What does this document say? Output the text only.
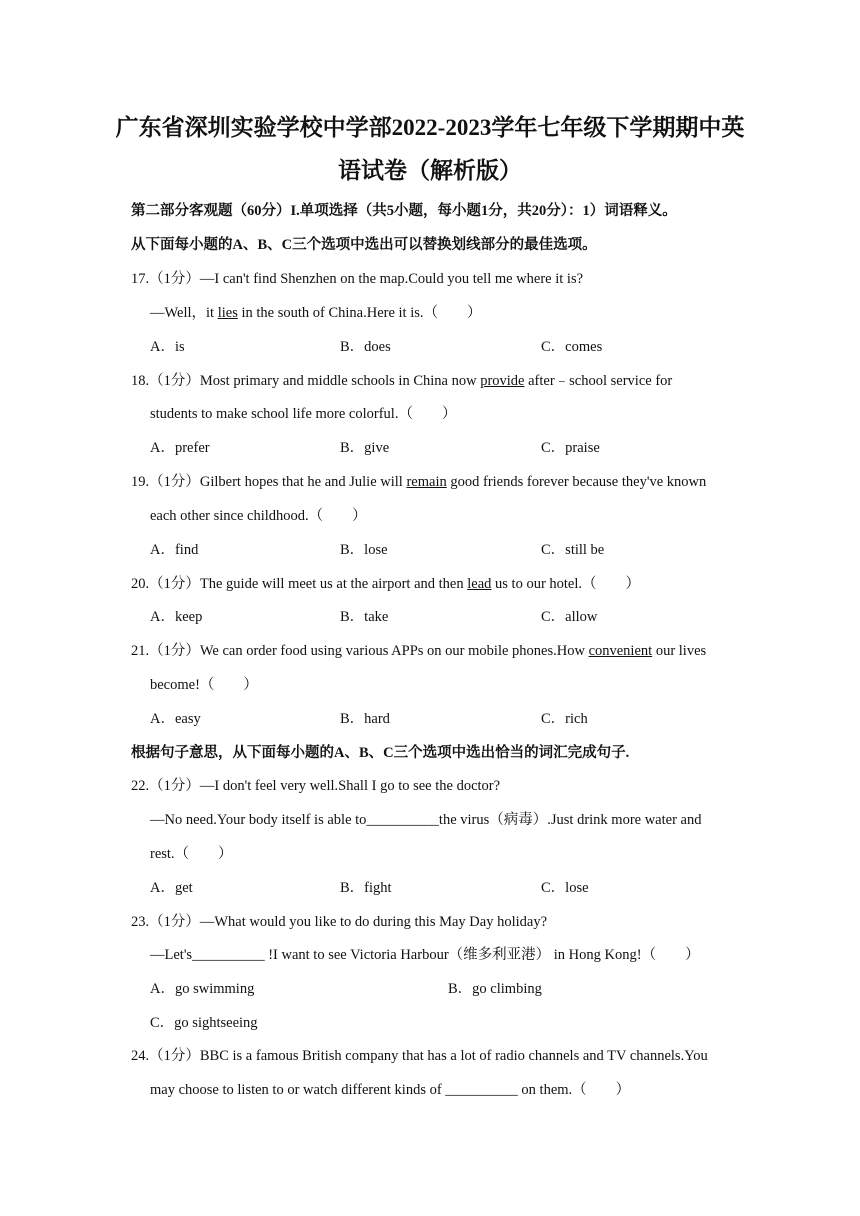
广东省深圳实验学校中学部2022-2023学年七年级下学期期中英
语试卷（解析版）
第二部分客观题（60分）I.单项选择（共5小题，每小题1分，共20分）：1）词语释义。
从下面每小题的A、B、C三个选项中选出可以替换划线部分的最佳选项。
17.（1分）—I can't find Shenzhen on the map.Could you tell me where it is?
—Well，it lies in the south of China.Here it is.（　　）
A．is	B．does	C．comes
18.（1分）Most primary and middle schools in China now provide after﹣school service for
students to make school life more colorful.（　　）
A．prefer	B．give	C．praise
19.（1分）Gilbert hopes that he and Julie will remain good friends forever because they've known
each other since childhood.（　　）
A．find	B．lose	C．still be
20.（1分）The guide will meet us at the airport and then lead us to our hotel.（　　）
A．keep	B．take	C．allow
21.（1分）We can order food using various APPs on our mobile phones.How convenient our lives
become!（　　）
A．easy	B．hard	C．rich
根据句子意思，从下面每小题的A、B、C三个选项中选出恰当的词汇完成句子.
22.（1分）—I don't feel very well.Shall I go to see the doctor?
—No need.Your body itself is able to__________the virus（病毒）.Just drink more water and
rest.（　　）
A．get	B．fight	C．lose
23.（1分）—What would you like to do during this May Day holiday?
—Let's__________ !I want to see Victoria Harbour（维多利亚港） in Hong Kong!（　　）
A．go swimming	B．go climbing
C．go sightseeing
24.（1分）BBC is a famous British company that has a lot of radio channels and TV channels.You
may choose to listen to or watch different kinds of __________ on them.（　　）
